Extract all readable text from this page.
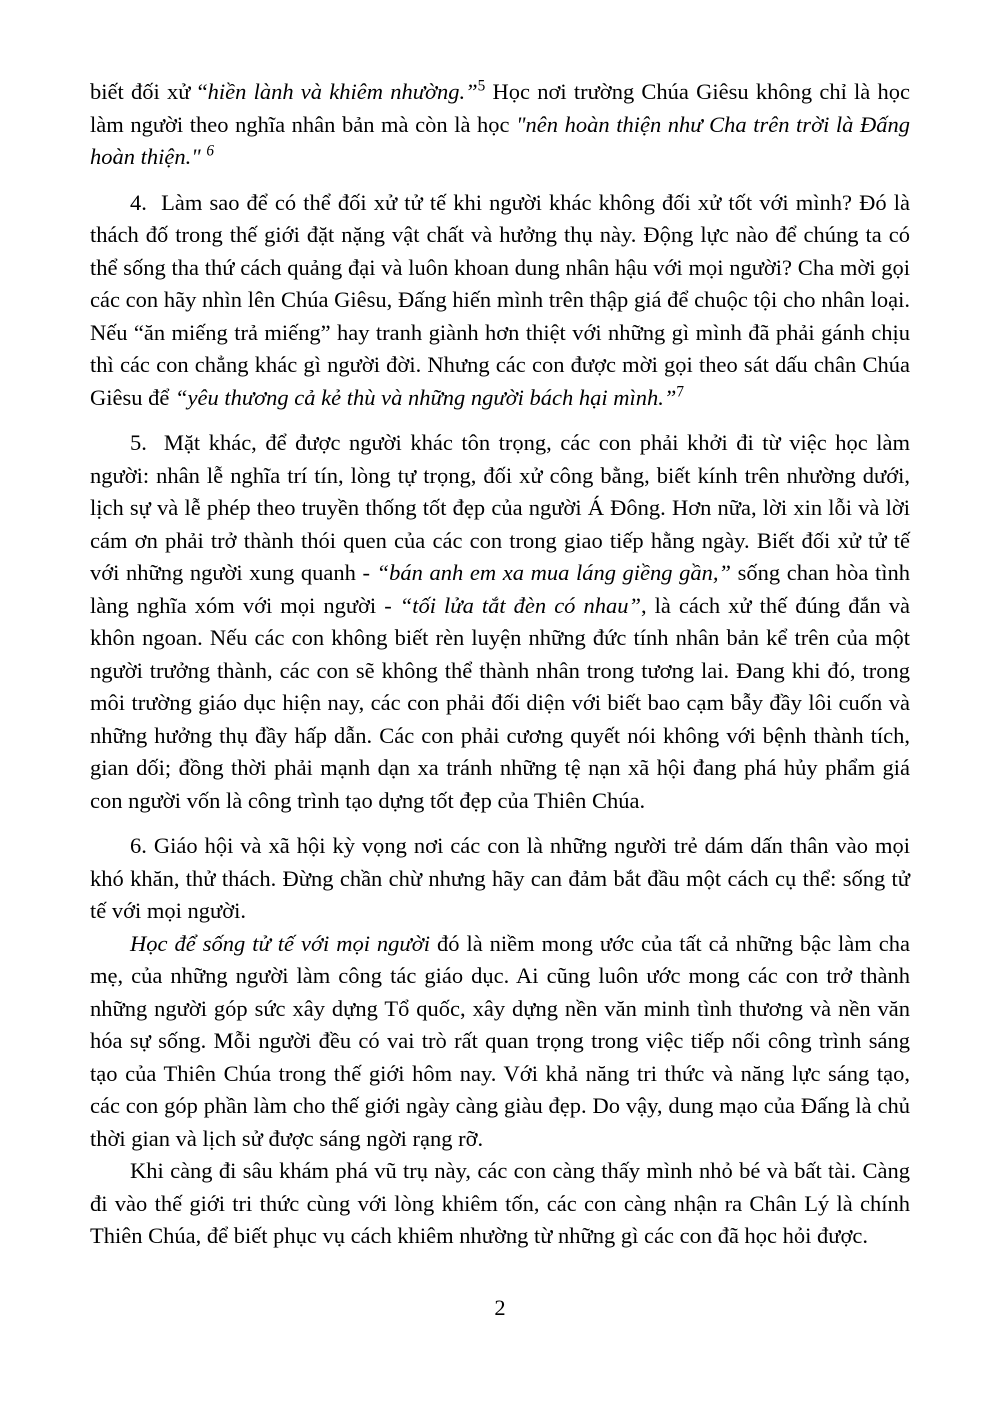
biết đối xử “hiền lành và khiêm nhường.”$^5$ Học nơi trường Chúa Giêsu không chỉ là học làm người theo nghĩa nhân bản mà còn là học "nên hoàn thiện như Cha trên trời là Đấng hoàn thiện." $^6$

4.  Làm sao để có thể đối xử tử tế khi người khác không đối xử tốt với mình? Đó là thách đố trong thế giới đặt nặng vật chất và hưởng thụ này. Động lực nào để chúng ta có thể sống tha thứ cách quảng đại và luôn khoan dung nhân hậu với mọi người? Cha mời gọi các con hãy nhìn lên Chúa Giêsu, Đấng hiến mình trên thập giá để chuộc tội cho nhân loại. Nếu “ăn miếng trả miếng” hay tranh giành hơn thiệt với những gì mình đã phải gánh chịu thì các con chẳng khác gì người đời. Nhưng các con được mời gọi theo sát dấu chân Chúa Giêsu để “yêu thương cả kẻ thù và những người bách hại mình.”$^7$

5.  Mặt khác, để được người khác tôn trọng, các con phải khởi đi từ việc học làm người: nhân lễ nghĩa trí tín, lòng tự trọng, đối xử công bằng, biết kính trên nhường dưới, lịch sự và lễ phép theo truyền thống tốt đẹp của người Á Đông. Hơn nữa, lời xin lỗi và lời cám ơn phải trở thành thói quen của các con trong giao tiếp hằng ngày. Biết đối xử tử tế với những người xung quanh - “bán anh em xa mua láng giềng gần,” sống chan hòa tình làng nghĩa xóm với mọi người - “tối lửa tắt đèn có nhau”, là cách xử thế đúng đắn và khôn ngoan. Nếu các con không biết rèn luyện những đức tính nhân bản kể trên của một người trưởng thành, các con sẽ không thể thành nhân trong tương lai. Đang khi đó, trong môi trường giáo dục hiện nay, các con phải đối diện với biết bao cạm bẫy đầy lôi cuốn và những hưởng thụ đầy hấp dẫn. Các con phải cương quyết nói không với bệnh thành tích, gian dối; đồng thời phải mạnh dạn xa tránh những tệ nạn xã hội đang phá hủy phẩm giá con người vốn là công trình tạo dựng tốt đẹp của Thiên Chúa.

6. Giáo hội và xã hội kỳ vọng nơi các con là những người trẻ dám dấn thân vào mọi khó khăn, thử thách. Đừng chần chừ nhưng hãy can đảm bắt đầu một cách cụ thể: sống tử tế với mọi người.

Học để sống tử tế với mọi người đó là niềm mong ước của tất cả những bậc làm cha mẹ, của những người làm công tác giáo dục. Ai cũng luôn ước mong các con trở thành những người góp sức xây dựng Tổ quốc, xây dựng nền văn minh tình thương và nền văn hóa sự sống. Mỗi người đều có vai trò rất quan trọng trong việc tiếp nối công trình sáng tạo của Thiên Chúa trong thế giới hôm nay. Với khả năng tri thức và năng lực sáng tạo, các con góp phần làm cho thế giới ngày càng giàu đẹp. Do vậy, dung mạo của Đấng là chủ thời gian và lịch sử được sáng ngời rạng rỡ.

Khi càng đi sâu khám phá vũ trụ này, các con càng thấy mình nhỏ bé và bất tài. Càng đi vào thế giới tri thức cùng với lòng khiêm tốn, các con càng nhận ra Chân Lý là chính Thiên Chúa, để biết phục vụ cách khiêm nhường từ những gì các con đã học hỏi được.

2
